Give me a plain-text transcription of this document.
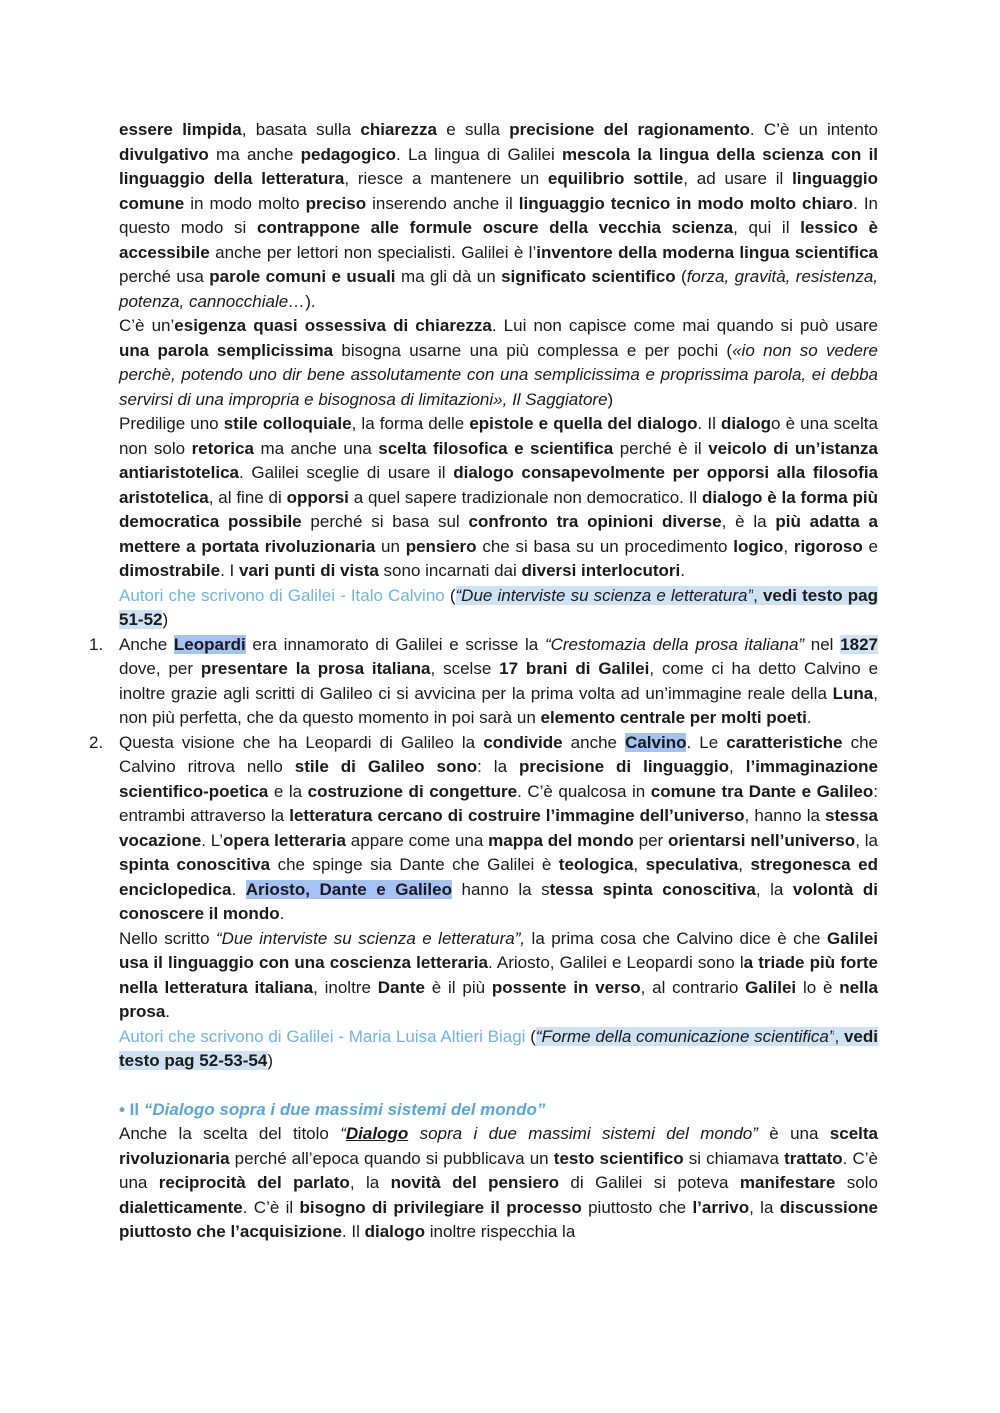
essere limpida, basata sulla chiarezza e sulla precisione del ragionamento. C’è un intento divulgativo ma anche pedagogico. La lingua di Galilei mescola la lingua della scienza con il linguaggio della letteratura, riesce a mantenere un equilibrio sottile, ad usare il linguaggio comune in modo molto preciso inserendo anche il linguaggio tecnico in modo molto chiaro. In questo modo si contrappone alle formule oscure della vecchia scienza, qui il lessico è accessibile anche per lettori non specialisti. Galilei è l’inventore della moderna lingua scientifica perché usa parole comuni e usuali ma gli dà un significato scientifico (forza, gravità, resistenza, potenza, cannocchiale…).

C’è un’esigenza quasi ossessiva di chiarezza. Lui non capisce come mai quando si può usare una parola semplicissima bisogna usarne una più complessa e per pochi («io non so vedere perchè, potendo uno dir bene assolutamente con una semplicissima e proprissima parola, ei debba servirsi di una impropria e bisognosa di limitazioni», Il Saggiatore)

Predilige uno stile colloquiale, la forma delle epistole e quella del dialogo. Il dialogo è una scelta non solo retorica ma anche una scelta filosofica e scientifica perché è il veicolo di un’istanza antiaristotelica. Galilei sceglie di usare il dialogo consapevolmente per opporsi alla filosofia aristotelica, al fine di opporsi a quel sapere tradizionale non democratico. Il dialogo è la forma più democratica possibile perché si basa sul confronto tra opinioni diverse, è la più adatta a mettere a portata rivoluzionaria un pensiero che si basa su un procedimento logico, rigoroso e dimostrabile. I vari punti di vista sono incarnati dai diversi interlocutori.

Autori che scrivono di Galilei - Italo Calvino (“Due interviste su scienza e letteratura”, vedi testo pag 51-52)

1. Anche Leopardi era innamorato di Galilei e scrisse la “Crestomazia della prosa italiana” nel 1827 dove, per presentare la prosa italiana, scelse 17 brani di Galilei, come ci ha detto Calvino e inoltre grazie agli scritti di Galileo ci si avvicina per la prima volta ad un’immagine reale della Luna, non più perfetta, che da questo momento in poi sarà un elemento centrale per molti poeti.

2. Questa visione che ha Leopardi di Galileo la condivide anche Calvino. Le caratteristiche che Calvino ritrova nello stile di Galileo sono: la precisione di linguaggio, l’immaginazione scientifico-poetica e la costruzione di congetture. C’è qualcosa in comune tra Dante e Galileo: entrambi attraverso la letteratura cercano di costruire l’immagine dell’universo, hanno la stessa vocazione. L’opera letteraria appare come una mappa del mondo per orientarsi nell’universo, la spinta conoscitiva che spinge sia Dante che Galilei è teologica, speculativa, stregonesca ed enciclopedica. Ariosto, Dante e Galileo hanno la stessa spinta conoscitiva, la volontà di conoscere il mondo.

Nello scritto “Due interviste su scienza e letteratura”, la prima cosa che Calvino dice è che Galilei usa il linguaggio con una coscienza letteraria. Ariosto, Galilei e Leopardi sono la triade più forte nella letteratura italiana, inoltre Dante è il più possente in verso, al contrario Galilei lo è nella prosa.

Autori che scrivono di Galilei - Maria Luisa Altieri Biagi (“Forme della comunicazione scientifica”, vedi testo pag 52-53-54)

• Il “Dialogo sopra i due massimi sistemi del mondo”

Anche la scelta del titolo “Dialogo sopra i due massimi sistemi del mondo” è una scelta rivoluzionaria perché all’epoca quando si pubblicava un testo scientifico si chiamava trattato. C’è una reciprocità del parlato, la novità del pensiero di Galilei si poteva manifestare solo dialetticamente. C’è il bisogno di privilegiare il processo piuttosto che l’arrivo, la discussione piuttosto che l’acquisizione. Il dialogo inoltre rispecchia la
